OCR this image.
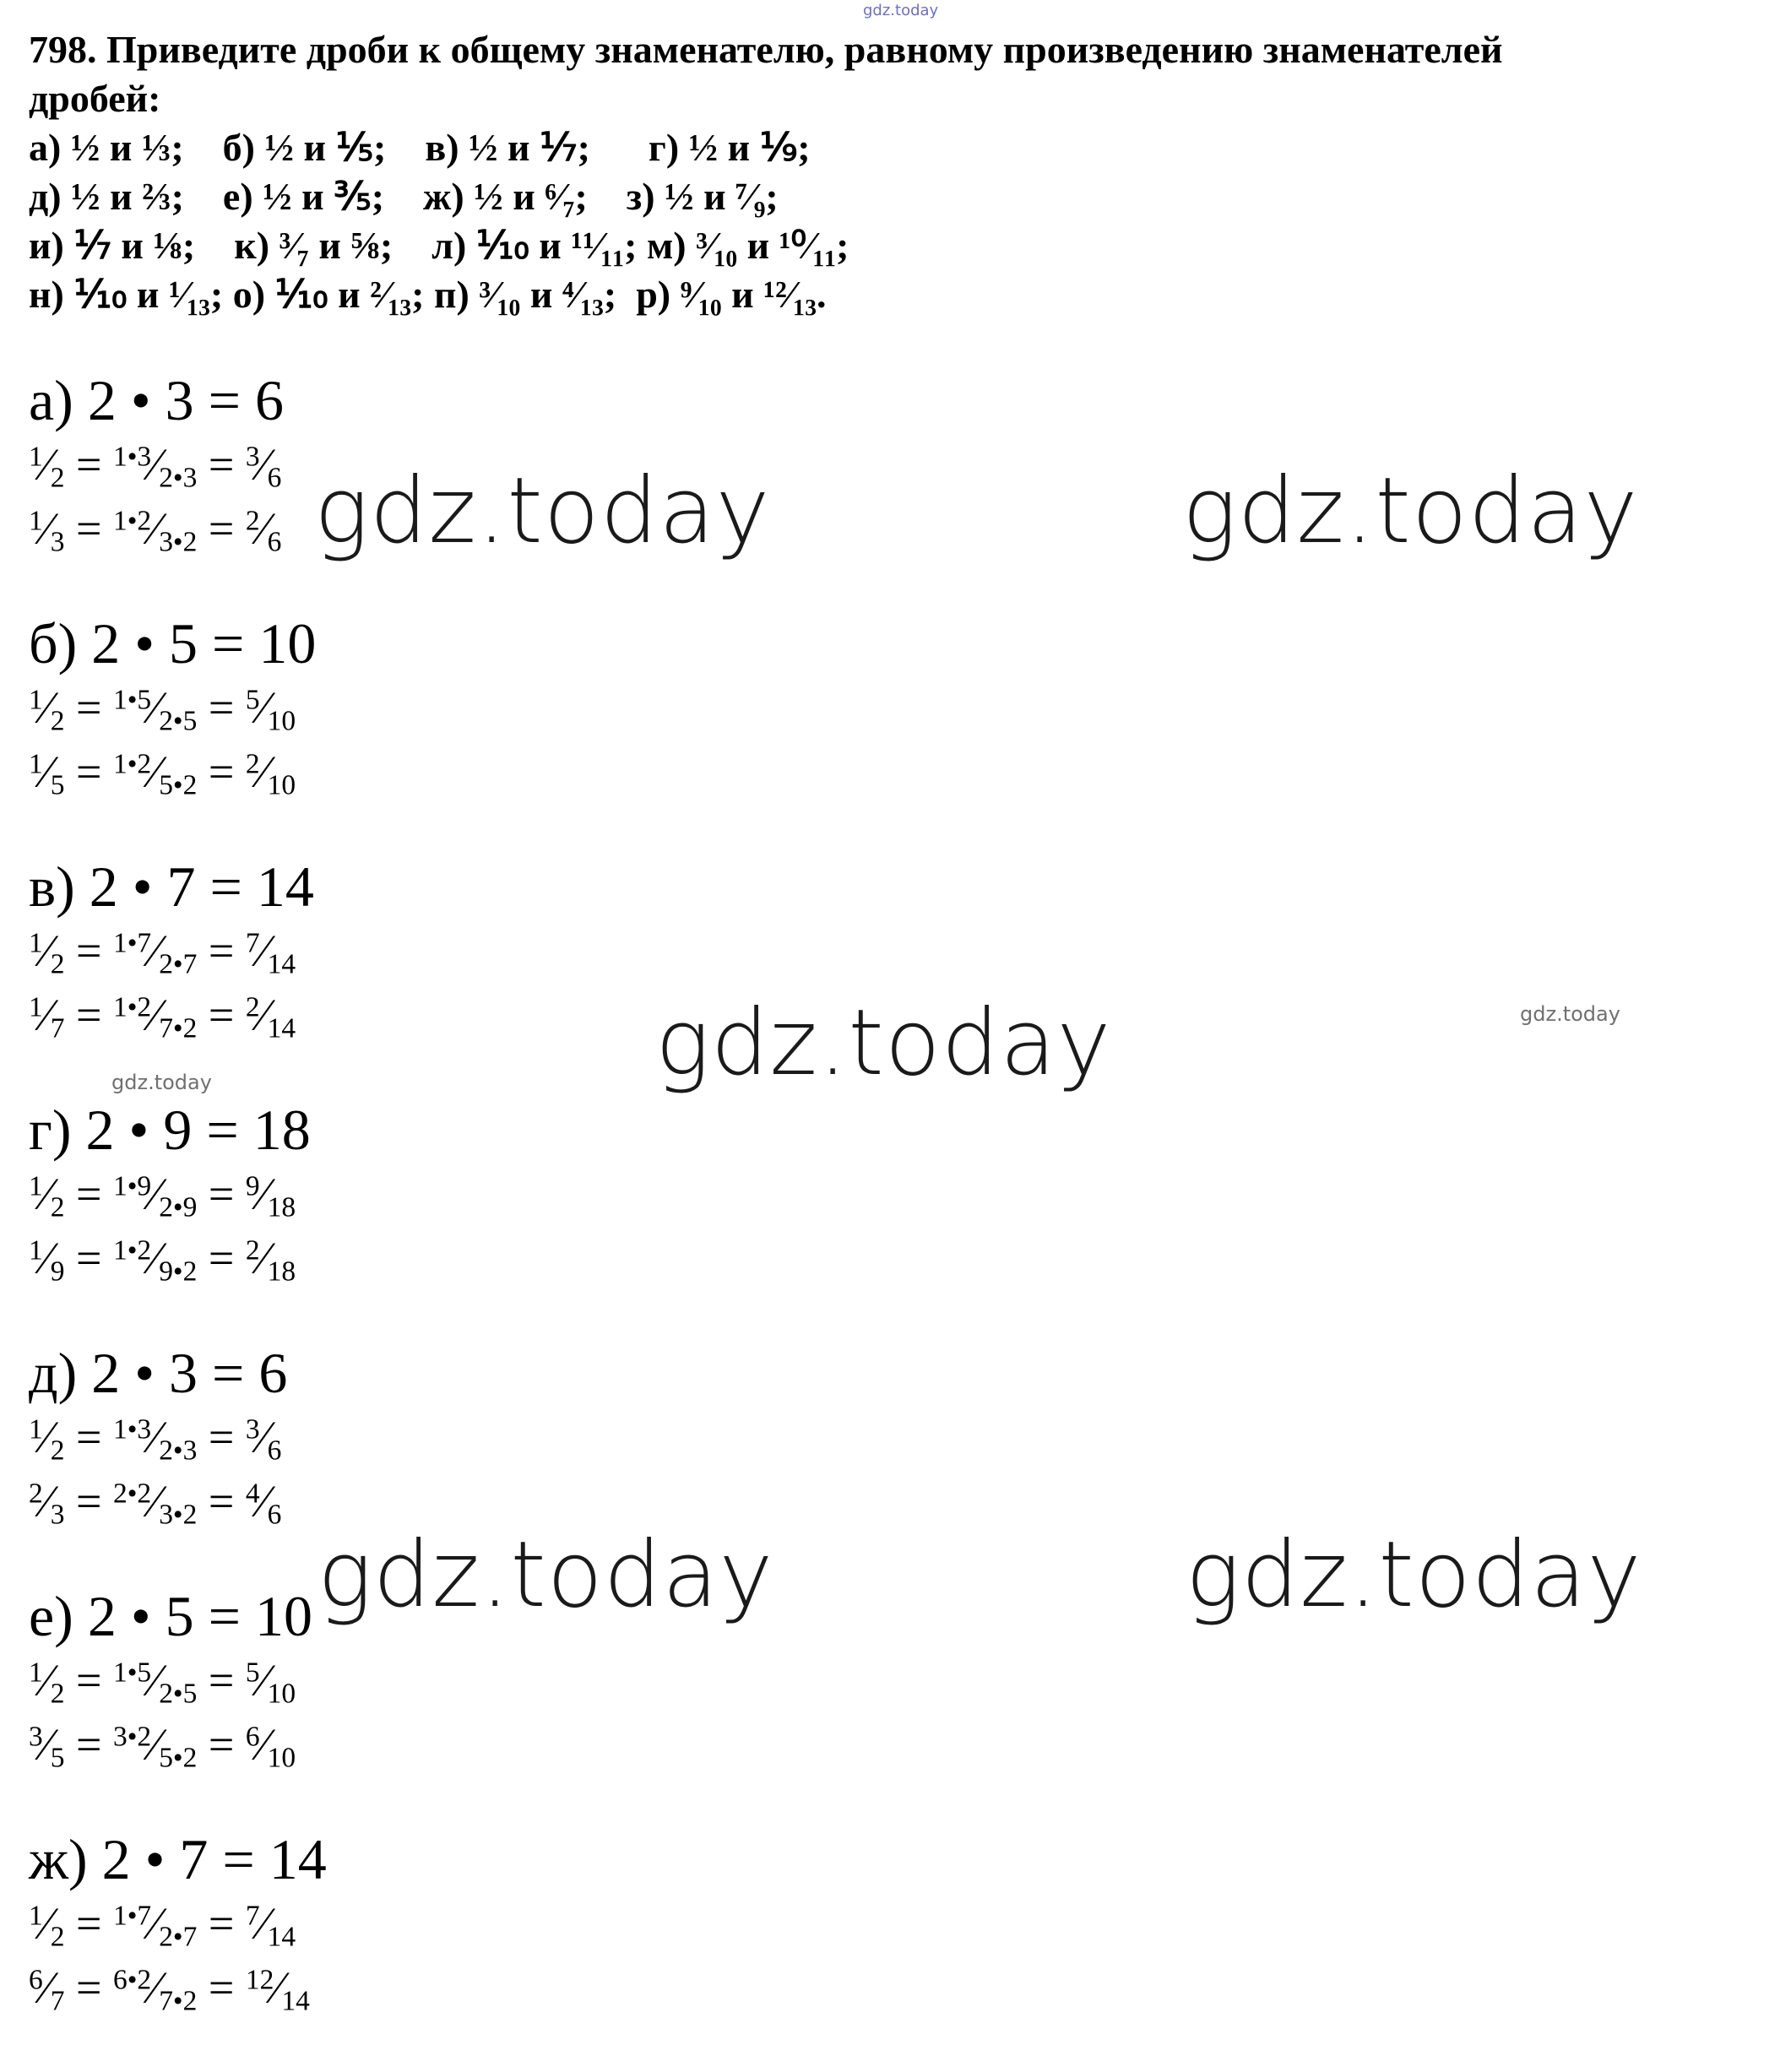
gdz.today
798. Приведите дроби к общему знаменателю, равному произведению знаменателей
дробей:
а) ½ и ⅓;    б) ½ и ⅕;    в) ½ и ⅐;      г) ½ и ⅑;
д) ½ и ⅔;    е) ½ и ⅗;    ж) ½ и ⁶⁄₇;    з) ½ и ⁷⁄₉;
и) ⅐ и ⅛;    к) ³⁄₇ и ⅝;    л) ⅒ и ¹¹⁄₁₁; м) ³⁄₁₀ и ¹⁰⁄₁₁;
н) ⅒ и ¹⁄₁₃; о) ⅒ и ²⁄₁₃; п) ³⁄₁₀ и ⁴⁄₁₃;  р) ⁹⁄₁₀ и ¹²⁄₁₃.
а) 2 • 3 = 6
$^1⁄_2$ = $^{1•3}⁄_{2•3}$ = $^3⁄_6$
$^1⁄_3$ = $^{1•2}⁄_{3•2}$ = $^2⁄_6$
б) 2 • 5 = 10
$^1⁄_2$ = $^{1•5}⁄_{2•5}$ = $^5⁄_{10}$
$^1⁄_5$ = $^{1•2}⁄_{5•2}$ = $^2⁄_{10}$
в) 2 • 7 = 14
$^1⁄_2$ = $^{1•7}⁄_{2•7}$ = $^7⁄_{14}$
$^1⁄_7$ = $^{1•2}⁄_{7•2}$ = $^2⁄_{14}$
г) 2 • 9 = 18
$^1⁄_2$ = $^{1•9}⁄_{2•9}$ = $^9⁄_{18}$
$^1⁄_9$ = $^{1•2}⁄_{9•2}$ = $^2⁄_{18}$
д) 2 • 3 = 6
$^1⁄_2$ = $^{1•3}⁄_{2•3}$ = $^3⁄_6$
$^2⁄_3$ = $^{2•2}⁄_{3•2}$ = $^4⁄_6$
е) 2 • 5 = 10
$^1⁄_2$ = $^{1•5}⁄_{2•5}$ = $^5⁄_{10}$
$^3⁄_5$ = $^{3•2}⁄_{5•2}$ = $^6⁄_{10}$
ж) 2 • 7 = 14
$^1⁄_2$ = $^{1•7}⁄_{2•7}$ = $^7⁄_{14}$
$^6⁄_7$ = $^{6•2}⁄_{7•2}$ = $^{12}⁄_{14}$
gdz.today	gdz.today
gdz.today
gdz.today	gdz.today
gdz.today
gdz.today
